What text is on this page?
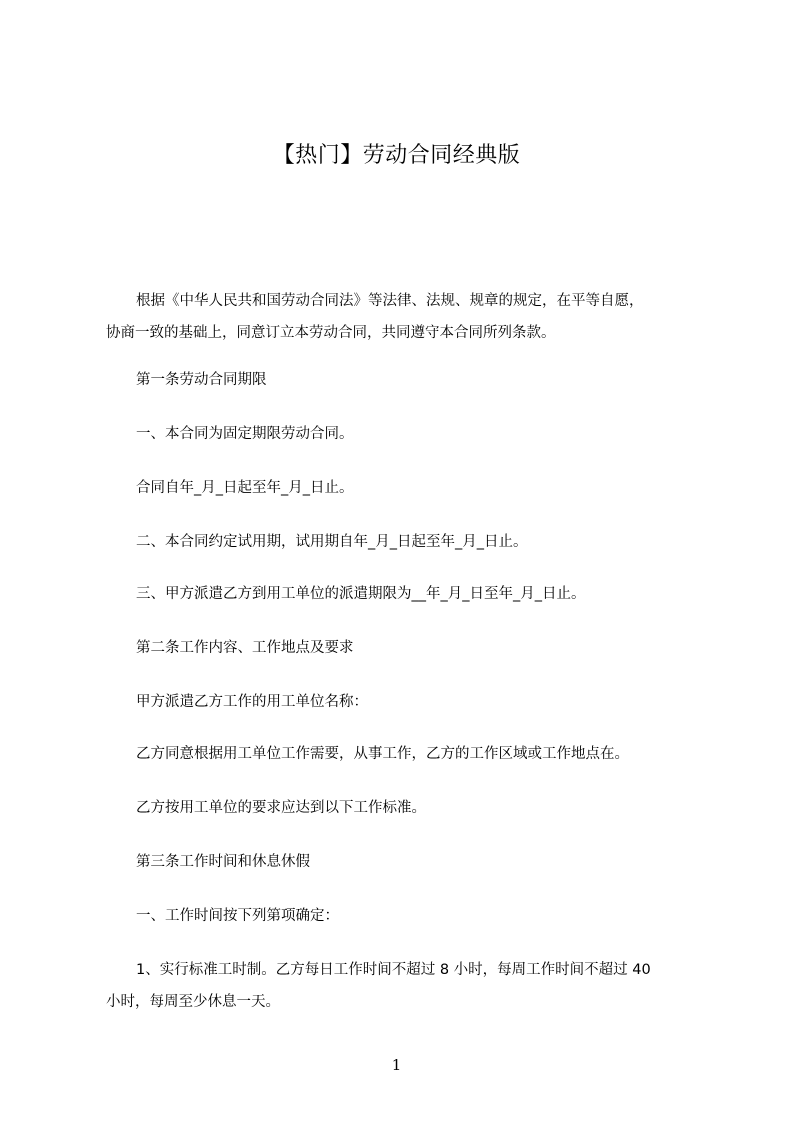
【热门】劳动合同经典版
根据《中华人民共和国劳动合同法》等法律、法规、规章的规定，在平等自愿，
协商一致的基础上，同意订立本劳动合同，共同遵守本合同所列条款。
第一条劳动合同期限
一、本合同为固定期限劳动合同。
合同自年_月_日起至年_月_日止。
二、本合同约定试用期，试用期自年_月_日起至年_月_日止。
三、甲方派遣乙方到用工单位的派遣期限为__年_月_日至年_月_日止。
第二条工作内容、工作地点及要求
甲方派遣乙方工作的用工单位名称：
乙方同意根据用工单位工作需要，从事工作，乙方的工作区域或工作地点在。
乙方按用工单位的要求应达到以下工作标准。
第三条工作时间和休息休假
一、工作时间按下列第项确定：
1、实行标准工时制。乙方每日工作时间不超过 8 小时，每周工作时间不超过 40
小时，每周至少休息一天。
1
